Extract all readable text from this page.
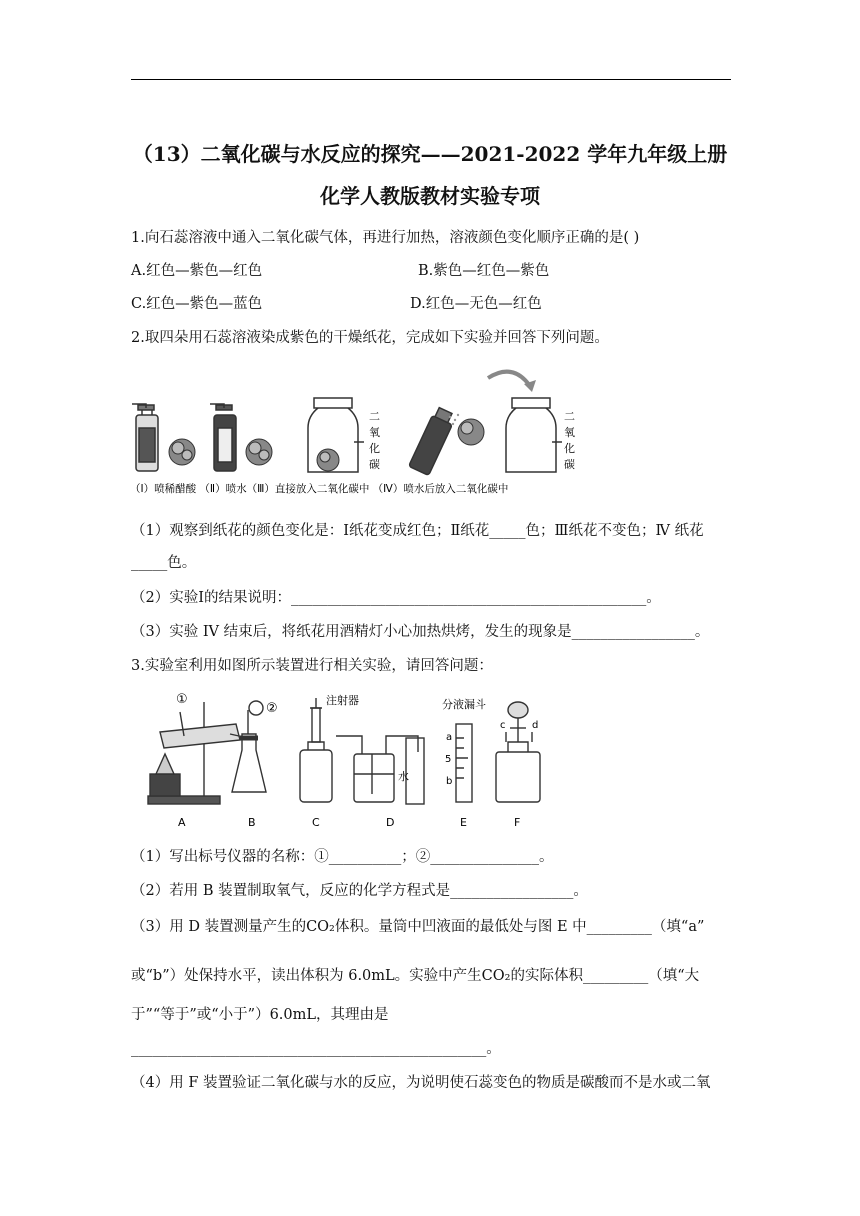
（13）二氧化碳与水反应的探究——2021-2022 学年九年级上册
化学人教版教材实验专项
1.向石蕊溶液中通入二氧化碳气体，再进行加热，溶液颜色变化顺序正确的是( )
A.红色—紫色—红色	B.紫色—红色—紫色
C.红色—紫色—蓝色	D.红色—无色—红色
2.取四朵用石蕊溶液染成紫色的干燥纸花，完成如下实验并回答下列问题。
二氧化碳
二氧化碳
（Ⅰ）喷稀醋酸 （Ⅱ）喷水（Ⅲ）直接放入二氧化碳中 （Ⅳ）喷水后放入二氧化碳中
（1）观察到纸花的颜色变化是：Ⅰ纸花变成红色；Ⅱ纸花_____色；Ⅲ纸花不变色；Ⅳ 纸花
_____色。
（2）实验Ⅰ的结果说明：_________________________________________________。
（3）实验 IV 结束后，将纸花用酒精灯小心加热烘烤，发生的现象是_________________。
3.实验室利用如图所示装置进行相关实验，请回答问题：
①
②
注射器	分液漏斗
水
a
5
b
c	d
A	B	C	D	E	F
（1）写出标号仪器的名称：①__________；②_______________。
（2）若用 B 装置制取氧气，反应的化学方程式是_________________。
（3）用 D 装置测量产生的CO₂体积。量筒中凹液面的最低处与图 E 中_________（填“a”
或“b”）处保持水平，读出体积为 6.0mL。实验中产生CO₂的实际体积_________（填“大
于”“等于”或“小于”）6.0mL，其理由是
_________________________________________________。
（4）用 F 装置验证二氧化碳与水的反应，为说明使石蕊变色的物质是碳酸而不是水或二氧
